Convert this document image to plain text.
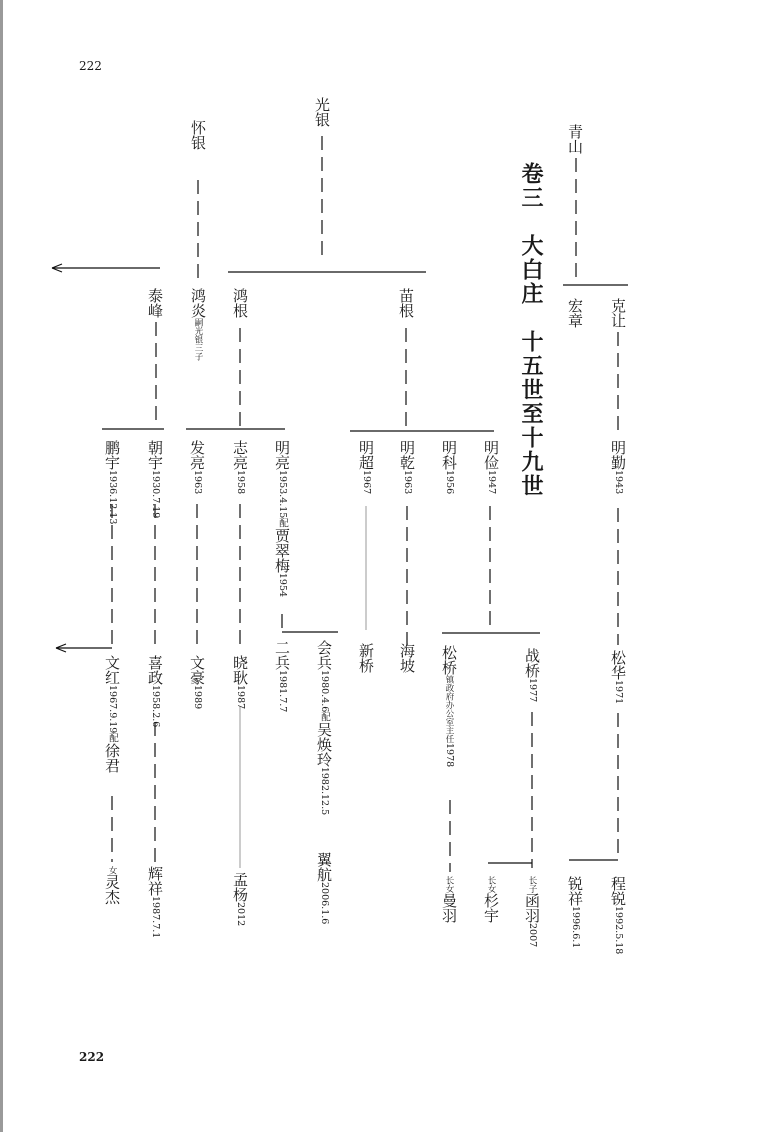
222
222
卷三　大白庄　十五世至十九世
青山
光银
怀银
宏章 克让
泰峰 鸿炎嗣光银三子
鸿根	苗根
鹏宇1936.12.13
朝宇1930.7.19
发亮1963
志亮1958
明亮1953.4.15配贾翠梅1954
明超1967
明乾1963
明科1956
明俭1947
明勤1943
文红1967.9.19配徐君
喜政1958.2.6
文豪1989
晓耿1987
二兵1981.7.7
会兵1980.4.6配吴焕玲1982.12.5
新桥 海坡 松桥镇政府办公室主任1978
战桥1977
松华1971
女灵杰 辉祥1987.7.1
孟杨2012
翼航2006.1.6	长女曼羽
长女杉宇
长子函羽2007
锐祥1996.6.1
程锐1992.5.18
